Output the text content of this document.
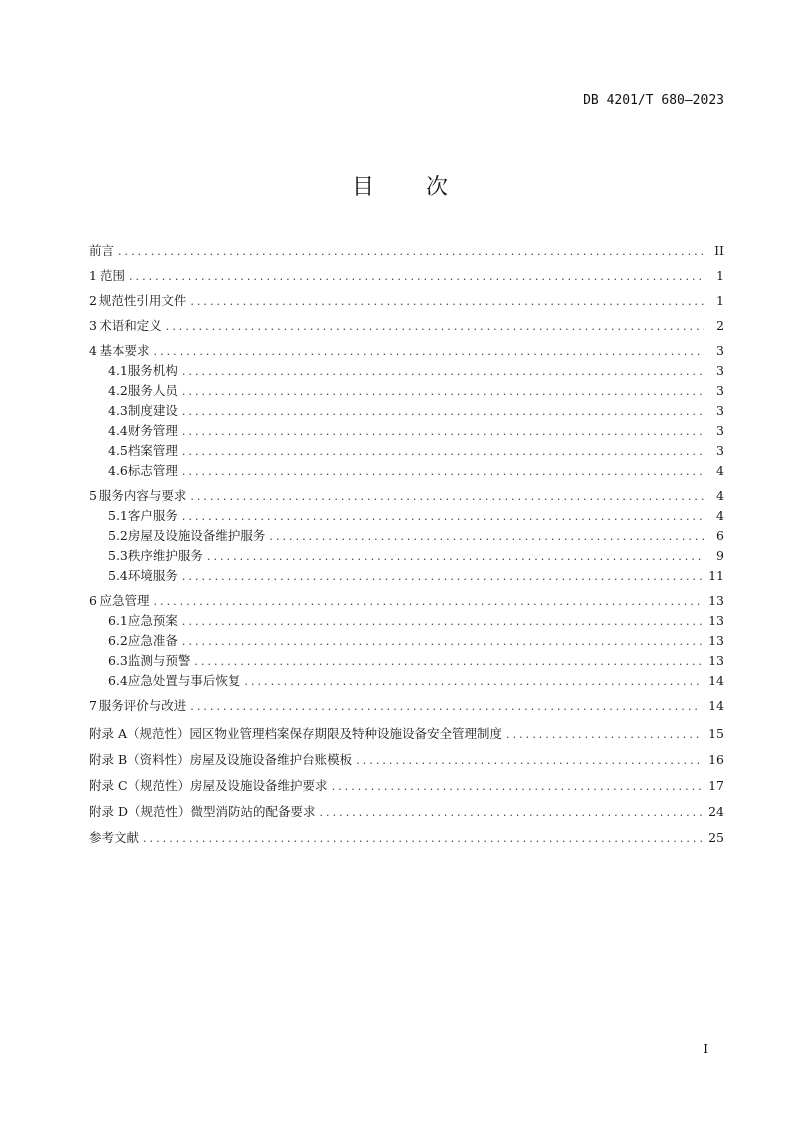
DB 4201/T 680—2023
目次
前言 .....	II
1 范围 .....	1
2 规范性引用文件 .....	1
3 术语和定义 .....	2
4 基本要求 .....	3
4.1 服务机构 .....	3
4.2 服务人员 .....	3
4.3 制度建设 .....	3
4.4 财务管理 .....	3
4.5 档案管理 .....	3
4.6 标志管理 .....	4
5 服务内容与要求 .....	4
5.1 客户服务 .....	4
5.2 房屋及设施设备维护服务 .....	6
5.3 秩序维护服务 .....	9
5.4 环境服务 .....	11
6 应急管理 .....	13
6.1 应急预案 .....	13
6.2 应急准备 .....	13
6.3 监测与预警 .....	13
6.4 应急处置与事后恢复 .....	14
7 服务评价与改进 .....	14
附录 A（规范性） 园区物业管理档案保存期限及特种设施设备安全管理制度 .....	15
附录 B（资料性） 房屋及设施设备维护台账模板 .....	16
附录 C（规范性） 房屋及设施设备维护要求 .....	17
附录 D（规范性） 微型消防站的配备要求 .....	24
参考文献 .....	25
I
